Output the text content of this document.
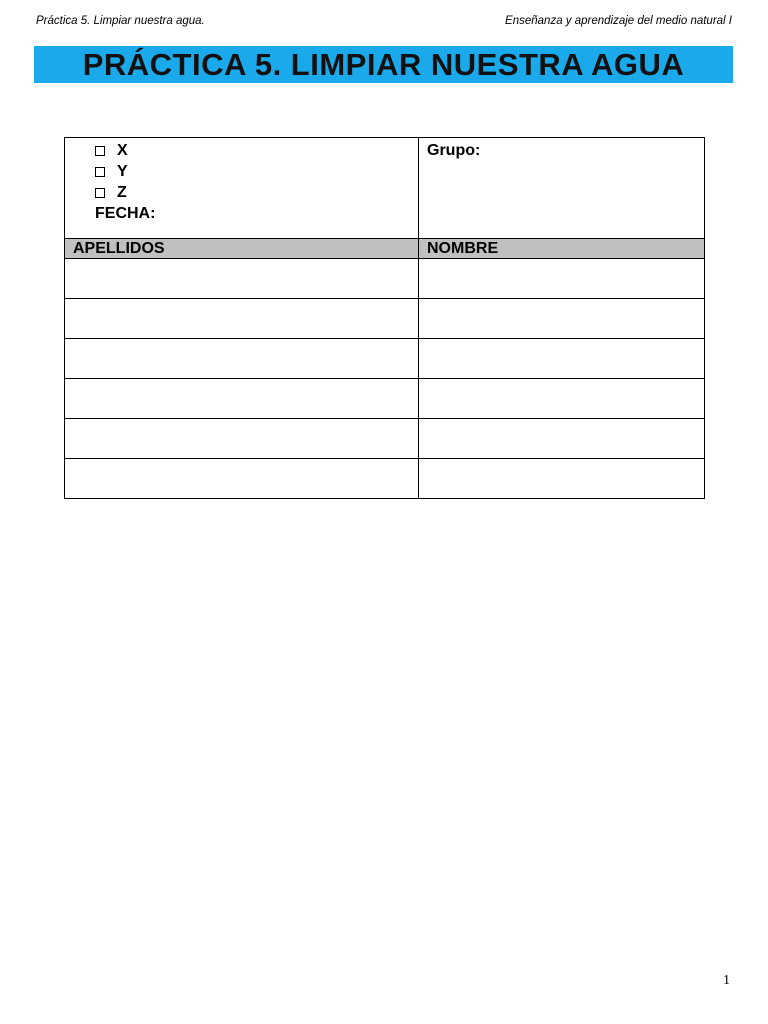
Práctica 5. Limpiar nuestra agua.	Enseñanza y aprendizaje del medio natural I
PRÁCTICA 5. LIMPIAR NUESTRA AGUA
X
Y
Z
FECHA:	Grupo:

APELLIDOS	NOMBRE

1
